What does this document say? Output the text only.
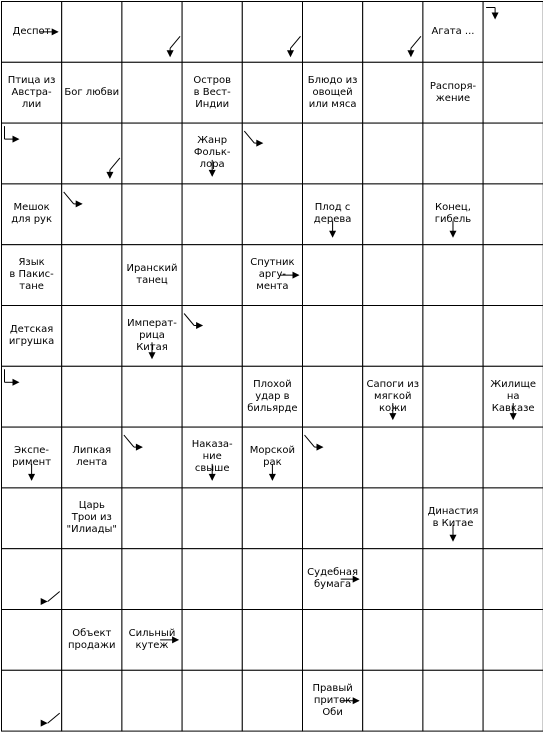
Деспот	Агата ...
Птица из
Австра-
лии
Бог любви
Остров
в Вест-
Индии
Блюдо из
овощей
или мяса
Распоря-
жение
Жанр
Фольк-
лора
Мешок
для рук
Плод с
дерева
Конец,
гибель
Язык
в Пакис-
тане
Иранский
танец
Спутник
аргу-
мента
Детская
игрушка
Императ-
рица
Китая
Плохой
удар в
бильярде
Сапоги из
мягкой
кожи
Жилище
на
Кавказе
Экспе-
римент
Липкая
лента
Наказа-
ние
свыше
Морской
рак
Царь
Трои из
"Илиады"
Династия
в Китае
Судебная
бумага
Объект
продажи
Сильный
кутеж
Правый
приток
Оби
